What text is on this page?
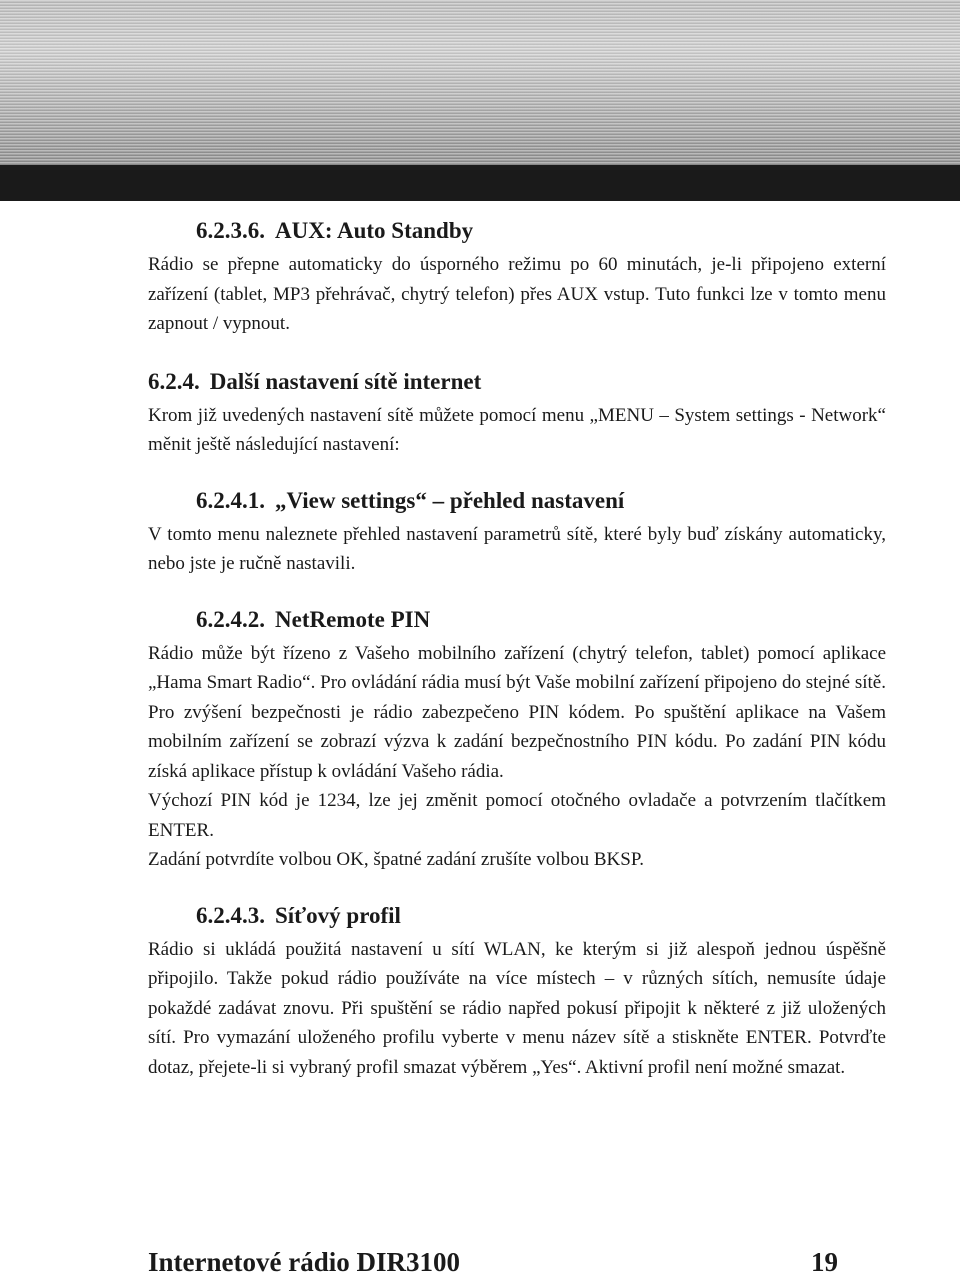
6.2.3.6. AUX: Auto Standby

Rádio se přepne automaticky do úsporného režimu po 60 minutách, je-li připojeno externí zařízení (tablet, MP3 přehrávač, chytrý telefon) přes AUX vstup. Tuto funkci lze v tomto menu zapnout / vypnout.

6.2.4. Další nastavení sítě internet

Krom již uvedených nastavení sítě můžete pomocí menu „MENU – System settings - Network“ měnit ještě následující nastavení:

6.2.4.1. „View settings“ – přehled nastavení

V tomto menu naleznete přehled nastavení parametrů sítě, které byly buď získány automaticky, nebo jste je ručně nastavili.

6.2.4.2. NetRemote PIN

Rádio může být řízeno z Vašeho mobilního zařízení (chytrý telefon, tablet) pomocí aplikace „Hama Smart Radio“. Pro ovládání rádia musí být Vaše mobilní zařízení připojeno do stejné sítě. Pro zvýšení bezpečnosti je rádio zabezpečeno PIN kódem. Po spuštění aplikace na Vašem mobilním zařízení se zobrazí výzva k zadání bezpečnostního PIN kódu. Po zadání PIN kódu získá aplikace přístup k ovládání Vašeho rádia.

Výchozí PIN kód je 1234, lze jej změnit pomocí otočného ovladače a potvrzením tlačítkem ENTER.

Zadání potvrdíte volbou OK, špatné zadání zrušíte volbou BKSP.

6.2.4.3. Síťový profil

Rádio si ukládá použitá nastavení u sítí WLAN, ke kterým si již alespoň jednou úspěšně připojilo. Takže pokud rádio používáte na více místech – v různých sítích, nemusíte údaje pokaždé zadávat znovu. Při spuštění se rádio napřed pokusí připojit k některé z již uložených sítí. Pro vymazání uloženého profilu vyberte v menu název sítě a stiskněte ENTER. Potvrďte dotaz, přejete-li si vybraný profil smazat výběrem „Yes“. Aktivní profil není možné smazat.

Internetové rádio DIR3100	19
